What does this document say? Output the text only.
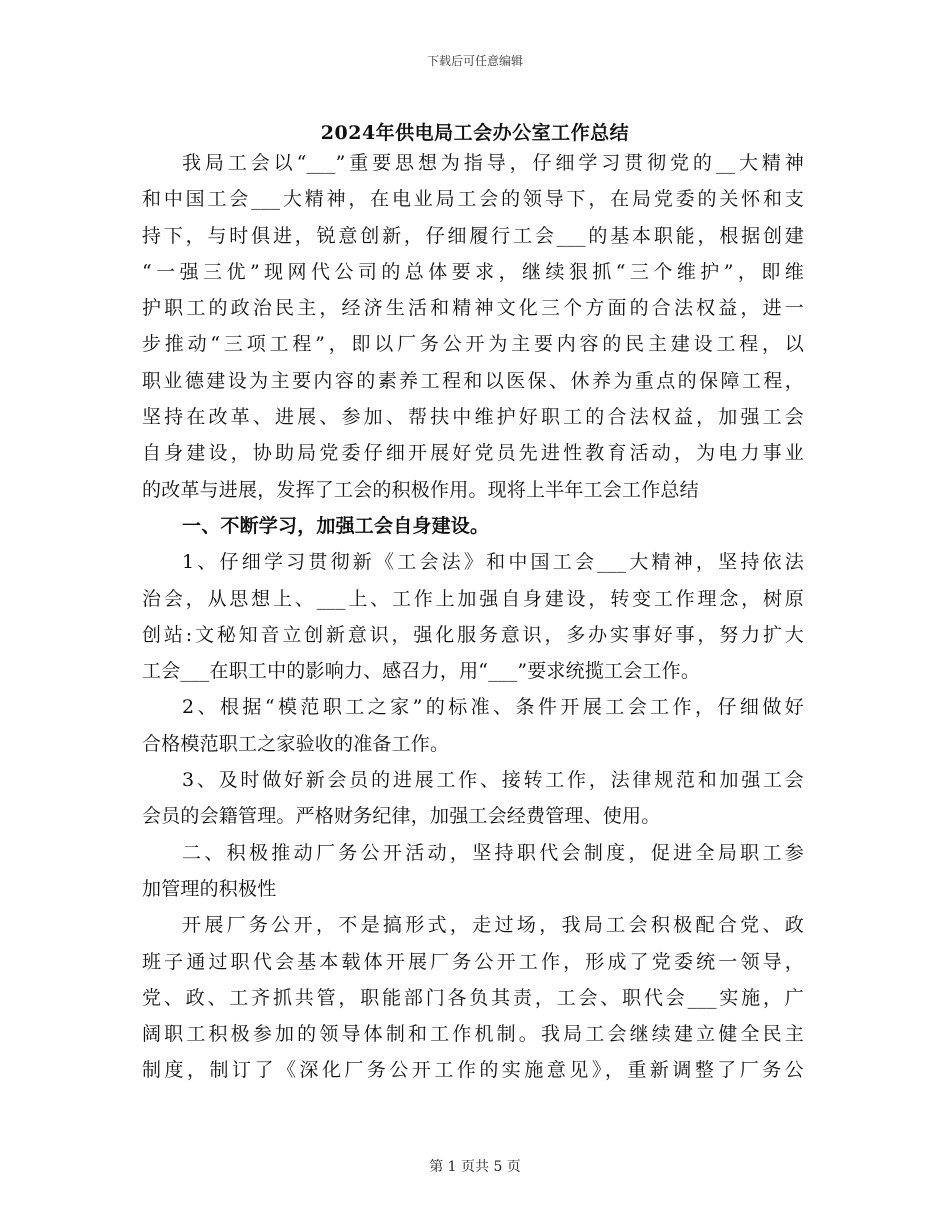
下载后可任意编辑
2024年供电局工会办公室工作总结
我局工会以“___”重要思想为指导，仔细学习贯彻党的__大精神
和中国工会___大精神，在电业局工会的领导下，在局党委的关怀和支
持下，与时俱进，锐意创新，仔细履行工会___的基本职能，根据创建
“一强三优”现网代公司的总体要求，继续狠抓“三个维护”，即维
护职工的政治民主，经济生活和精神文化三个方面的合法权益，进一
步推动“三项工程”，即以厂务公开为主要内容的民主建设工程，以
职业德建设为主要内容的素养工程和以医保、休养为重点的保障工程，
坚持在改革、进展、参加、帮扶中维护好职工的合法权益，加强工会
自身建设，协助局党委仔细开展好党员先进性教育活动，为电力事业
的改革与进展，发挥了工会的积极作用。现将上半年工会工作总结
一、不断学习，加强工会自身建设。
1、仔细学习贯彻新《工会法》和中国工会___大精神，坚持依法
治会，从思想上、___上、工作上加强自身建设，转变工作理念，树原
创站:文秘知音立创新意识，强化服务意识，多办实事好事，努力扩大
工会___在职工中的影响力、感召力，用“___”要求统揽工会工作。
2、根据“模范职工之家”的标准、条件开展工会工作，仔细做好
合格模范职工之家验收的准备工作。
3、及时做好新会员的进展工作、接转工作，法律规范和加强工会
会员的会籍管理。严格财务纪律，加强工会经费管理、使用。
二、积极推动厂务公开活动，坚持职代会制度，促进全局职工参
加管理的积极性
开展厂务公开，不是搞形式，走过场，我局工会积极配合党、政
班子通过职代会基本载体开展厂务公开工作，形成了党委统一领导，
党、政、工齐抓共管，职能部门各负其责，工会、职代会___实施，广
阔职工积极参加的领导体制和工作机制。我局工会继续建立健全民主
制度，制订了《深化厂务公开工作的实施意见》，重新调整了厂务公
第 1 页共 5 页
